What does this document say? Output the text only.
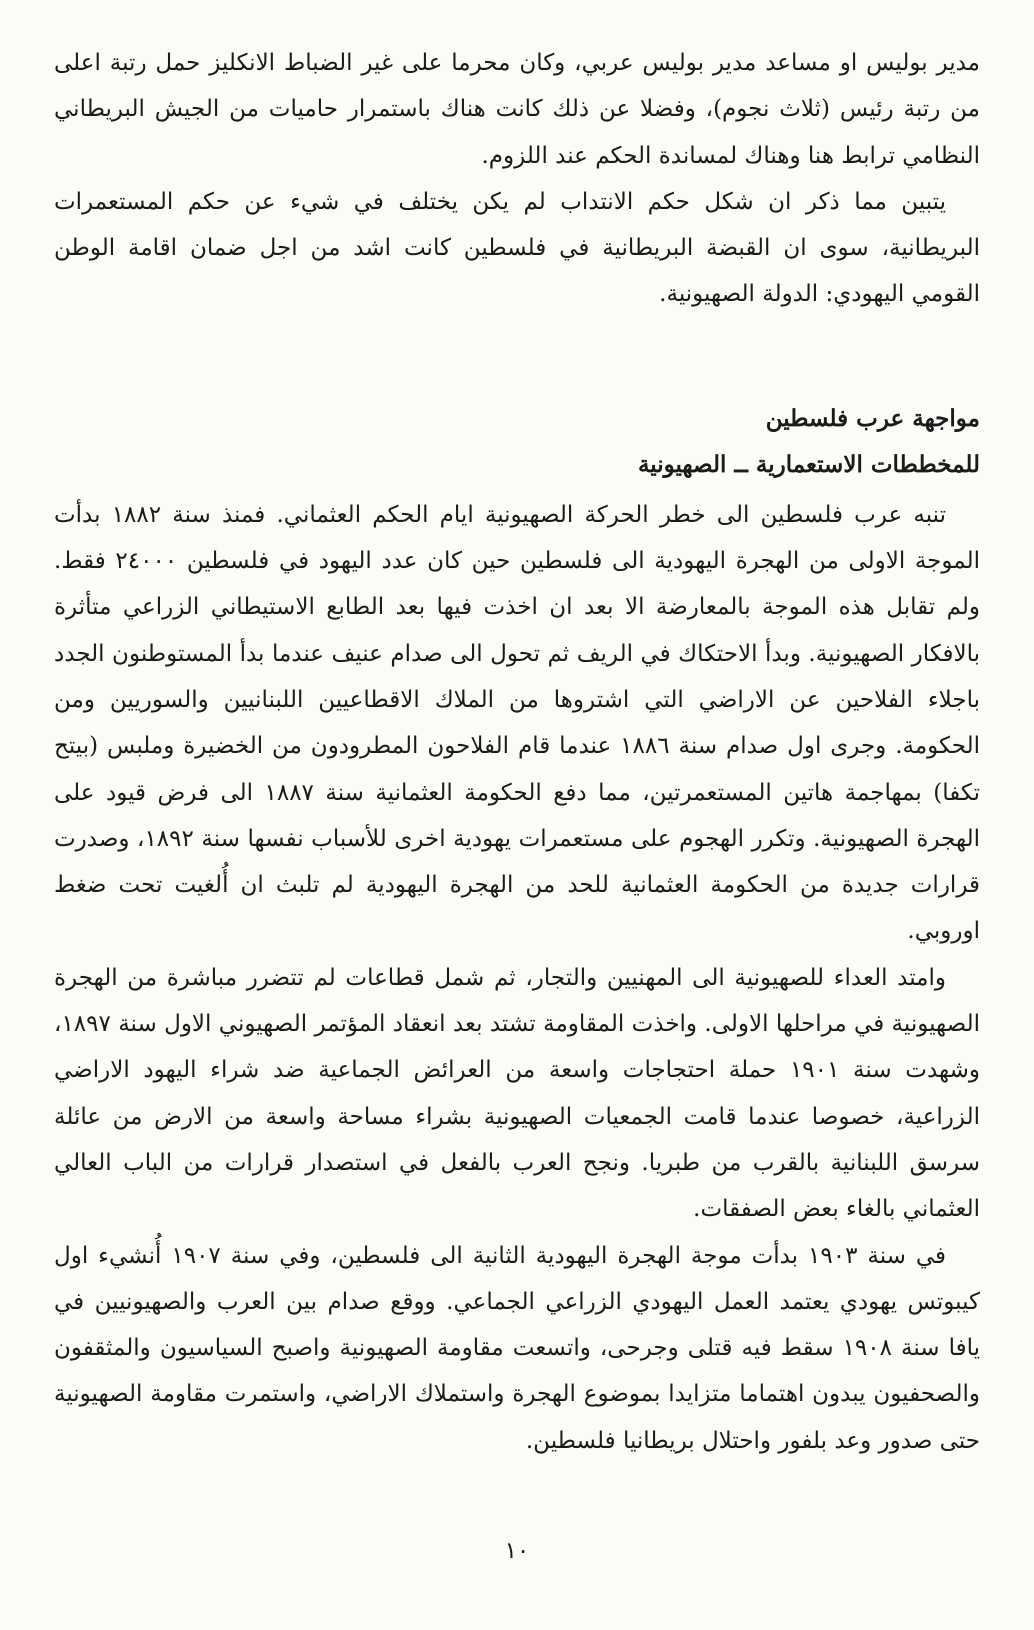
مدير بوليس او مساعد مدير بوليس عربي، وكان محرما على غير الضباط الانكليز حمل رتبة اعلى من رتبة رئيس (ثلاث نجوم)، وفضلا عن ذلك كانت هناك باستمرار حاميات من الجيش البريطاني النظامي ترابط هنا وهناك لمساندة الحكم عند اللزوم.

يتبين مما ذكر ان شكل حكم الانتداب لم يكن يختلف في شيء عن حكم المستعمرات البريطانية، سوى ان القبضة البريطانية في فلسطين كانت اشد من اجل ضمان اقامة الوطن القومي اليهودي: الدولة الصهيونية.

مواجهة عرب فلسطين
للمخططات الاستعمارية ــ الصهيونية

تنبه عرب فلسطين الى خطر الحركة الصهيونية ايام الحكم العثماني. فمنذ سنة ١٨٨٢ بدأت الموجة الاولى من الهجرة اليهودية الى فلسطين حين كان عدد اليهود في فلسطين ٢٤٠٠٠ فقط. ولم تقابل هذه الموجة بالمعارضة الا بعد ان اخذت فيها بعد الطابع الاستيطاني الزراعي متأثرة بالافكار الصهيونية. وبدأ الاحتكاك في الريف ثم تحول الى صدام عنيف عندما بدأ المستوطنون الجدد باجلاء الفلاحين عن الاراضي التي اشتروها من الملاك الاقطاعيين اللبنانيين والسوريين ومن الحكومة. وجرى اول صدام سنة ١٨٨٦ عندما قام الفلاحون المطرودون من الخضيرة وملبس (بيتح تكفا) بمهاجمة هاتين المستعمرتين، مما دفع الحكومة العثمانية سنة ١٨٨٧ الى فرض قيود على الهجرة الصهيونية. وتكرر الهجوم على مستعمرات يهودية اخرى للأسباب نفسها سنة ١٨٩٢، وصدرت قرارات جديدة من الحكومة العثمانية للحد من الهجرة اليهودية لم تلبث ان أُلغيت تحت ضغط اوروبي.

وامتد العداء للصهيونية الى المهنيين والتجار، ثم شمل قطاعات لم تتضرر مباشرة من الهجرة الصهيونية في مراحلها الاولى. واخذت المقاومة تشتد بعد انعقاد المؤتمر الصهيوني الاول سنة ١٨٩٧، وشهدت سنة ١٩٠١ حملة احتجاجات واسعة من العرائض الجماعية ضد شراء اليهود الاراضي الزراعية، خصوصا عندما قامت الجمعيات الصهيونية بشراء مساحة واسعة من الارض من عائلة سرسق اللبنانية بالقرب من طبريا. ونجح العرب بالفعل في استصدار قرارات من الباب العالي العثماني بالغاء بعض الصفقات.

في سنة ١٩٠٣ بدأت موجة الهجرة اليهودية الثانية الى فلسطين، وفي سنة ١٩٠٧ أُنشيء اول كيبوتس يهودي يعتمد العمل اليهودي الزراعي الجماعي. ووقع صدام بين العرب والصهيونيين في يافا سنة ١٩٠٨ سقط فيه قتلى وجرحى، واتسعت مقاومة الصهيونية واصبح السياسيون والمثقفون والصحفيون يبدون اهتماما متزايدا بموضوع الهجرة واستملاك الاراضي، واستمرت مقاومة الصهيونية حتى صدور وعد بلفور واحتلال بريطانيا فلسطين.

١٠
